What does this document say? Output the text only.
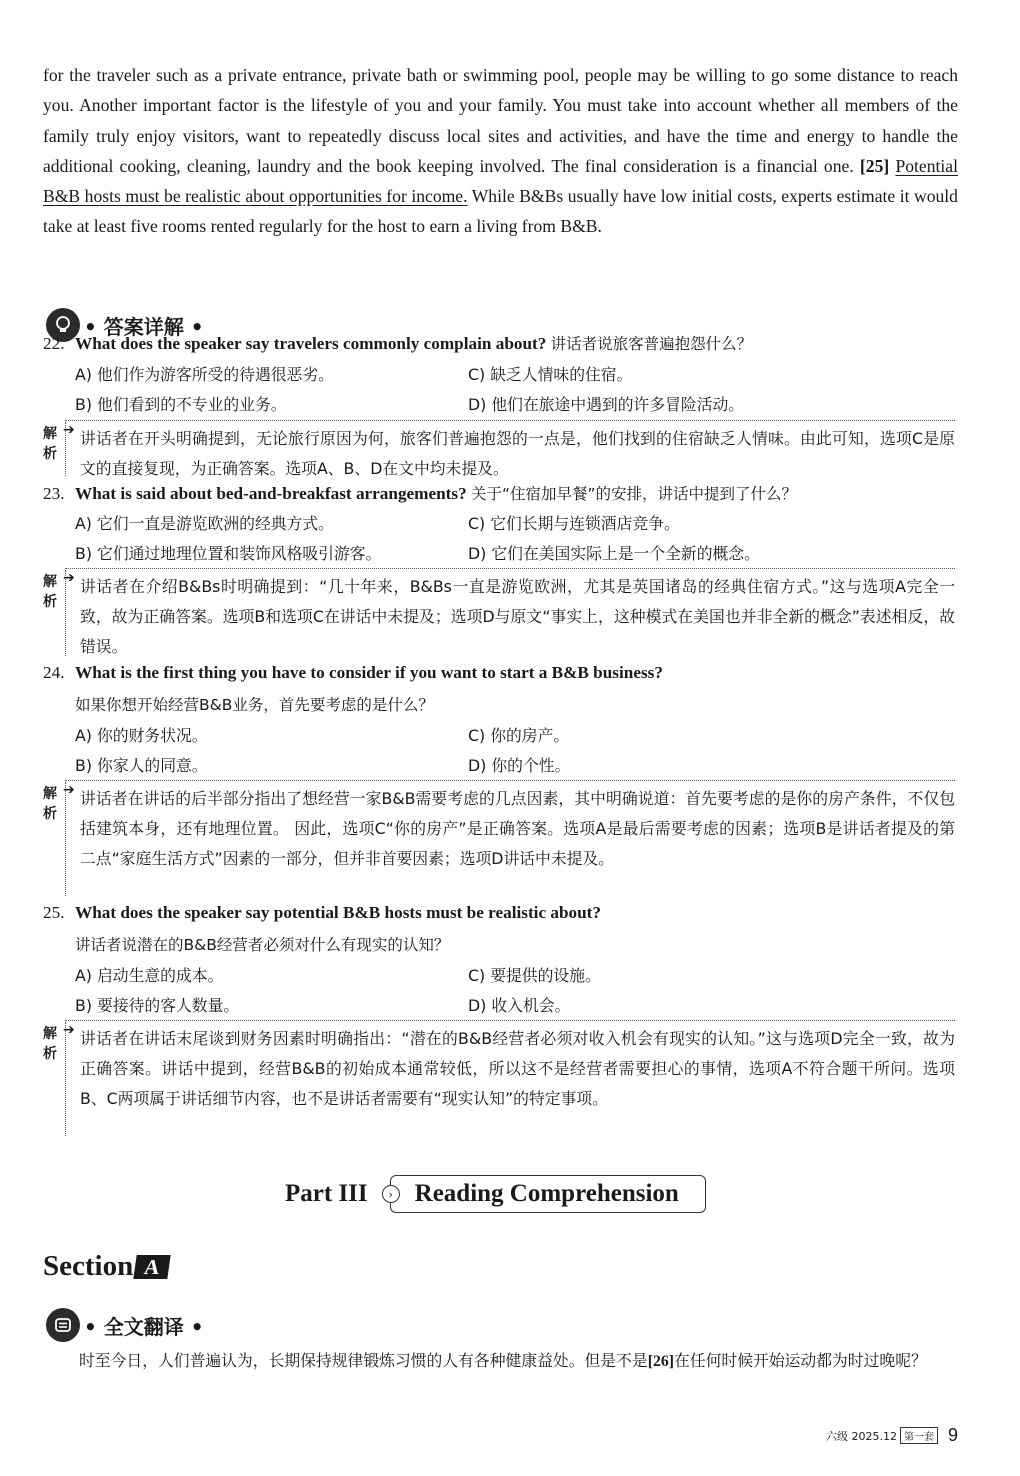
for the traveler such as a private entrance, private bath or swimming pool, people may be willing to go some distance to reach you. Another important factor is the lifestyle of you and your family. You must take into account whether all members of the family truly enjoy visitors, want to repeatedly discuss local sites and activities, and have the time and energy to handle the additional cooking, cleaning, laundry and the book keeping involved. The final consideration is a financial one. [25] Potential B&B hosts must be realistic about opportunities for income. While B&Bs usually have low initial costs, experts estimate it would take at least five rooms rented regularly for the host to earn a living from B&B.
• 答案详解 •
22. What does the speaker say travelers commonly complain about? 讲话者说旅客普遍抱怨什么？
A) 他们作为游客所受的待遇很恶劣。	C) 缺乏人情味的住宿。
B) 他们看到的不专业的业务。	D) 他们在旅途中遇到的许多冒险活动。
解析
➔ 讲话者在开头明确提到，无论旅行原因为何，旅客们普遍抱怨的一点是，他们找到的住宿缺乏人情味。由此可知，选项C是原文的直接复现，为正确答案。选项A、B、D在文中均未提及。
23. What is said about bed-and-breakfast arrangements? 关于“住宿加早餐”的安排，讲话中提到了什么？
A) 它们一直是游览欧洲的经典方式。	C) 它们长期与连锁酒店竞争。
B) 它们通过地理位置和装饰风格吸引游客。	D) 它们在美国实际上是一个全新的概念。
解析
➔ 讲话者在介绍B&Bs时明确提到：“几十年来，B&Bs一直是游览欧洲，尤其是英国诸岛的经典住宿方式。”这与选项A完全一致，故为正确答案。选项B和选项C在讲话中未提及；选项D与原文“事实上，这种模式在美国也并非全新的概念”表述相反，故错误。
24. What is the first thing you have to consider if you want to start a B&B business?
如果你想开始经营B&B业务，首先要考虑的是什么？
A) 你的财务状况。	C) 你的房产。
B) 你家人的同意。	D) 你的个性。
解析
➔ 讲话者在讲话的后半部分指出了想经营一家B&B需要考虑的几点因素，其中明确说道：首先要考虑的是你的房产条件，不仅包括建筑本身，还有地理位置。 因此，选项C“你的房产”是正确答案。选项A是最后需要考虑的因素；选项B是讲话者提及的第二点“家庭生活方式”因素的一部分，但并非首要因素；选项D讲话中未提及。
25. What does the speaker say potential B&B hosts must be realistic about?
讲话者说潜在的B&B经营者必须对什么有现实的认知？
A) 启动生意的成本。	C) 要提供的设施。
B) 要接待的客人数量。	D) 收入机会。
解析
➔ 讲话者在讲话末尾谈到财务因素时明确指出：“潜在的B&B经营者必须对收入机会有现实的认知。”这与选项D完全一致，故为正确答案。讲话中提到，经营B&B的初始成本通常较低，所以这不是经营者需要担心的事情，选项A不符合题干所问。选项B、C两项属于讲话细节内容，也不是讲话者需要有“现实认知”的特定事项。
Part III	› Reading Comprehension
Section A
• 全文翻译 •
时至今日，人们普遍认为，长期保持规律锻炼习惯的人有各种健康益处。但是不是[26]在任何时候开始运动都为时过晚呢？
六级 2025.12 第一套 9
